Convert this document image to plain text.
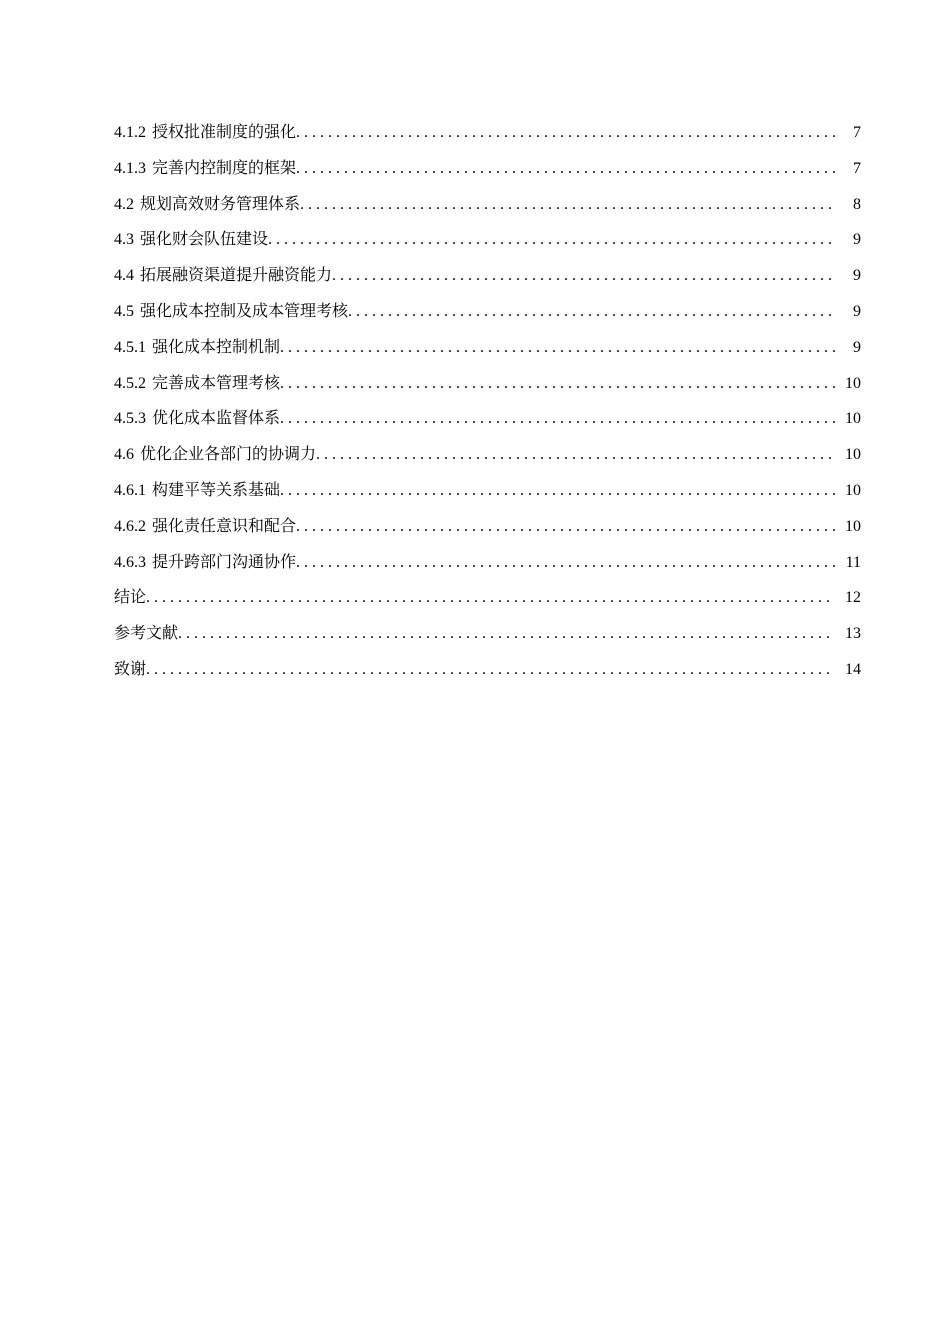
4.1.2 授权批准制度的强化 . . .	7
4.1.3 完善内控制度的框架 . . .	7
4.2 规划高效财务管理体系 . . .	8
4.3 强化财会队伍建设 . . .	9
4.4 拓展融资渠道提升融资能力 . . .	9
4.5 强化成本控制及成本管理考核 . . .	9
4.5.1 强化成本控制机制 . . .	9
4.5.2 完善成本管理考核 . . .	10
4.5.3 优化成本监督体系 . . .	10
4.6 优化企业各部门的协调力 . . .	10
4.6.1 构建平等关系基础 . . .	10
4.6.2 强化责任意识和配合 . . .	10
4.6.3 提升跨部门沟通协作 . . .	11
结论 . . .	12
参考文献 . . .	13
致谢 . . .	14
